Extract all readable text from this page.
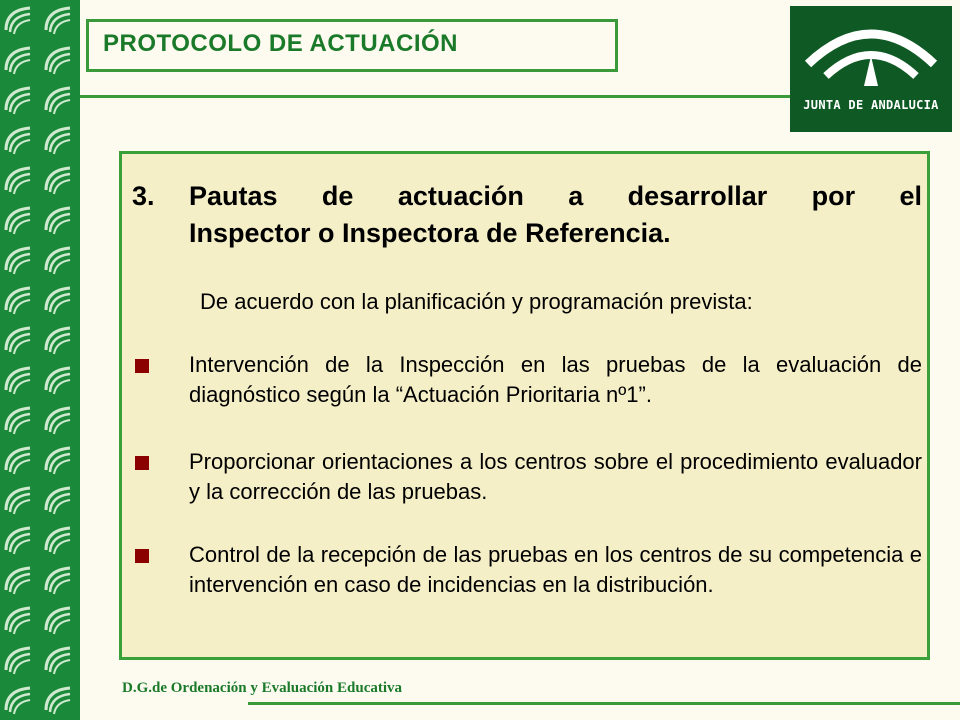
PROTOCOLO DE ACTUACIÓN
JUNTA DE ANDALUCIA
3. Pautas de actuación a desarrollar por el
Inspector o Inspectora de Referencia.
De acuerdo con la planificación y programación prevista:
Intervención de la Inspección en las pruebas de la evaluación de diagnóstico según la “Actuación Prioritaria nº1”.
Proporcionar orientaciones a los centros sobre el procedimiento evaluador y la corrección de las pruebas.
Control de la recepción de las pruebas en los centros de su competencia e intervención en caso de incidencias en la distribución.
D.G.de Ordenación y Evaluación Educativa
